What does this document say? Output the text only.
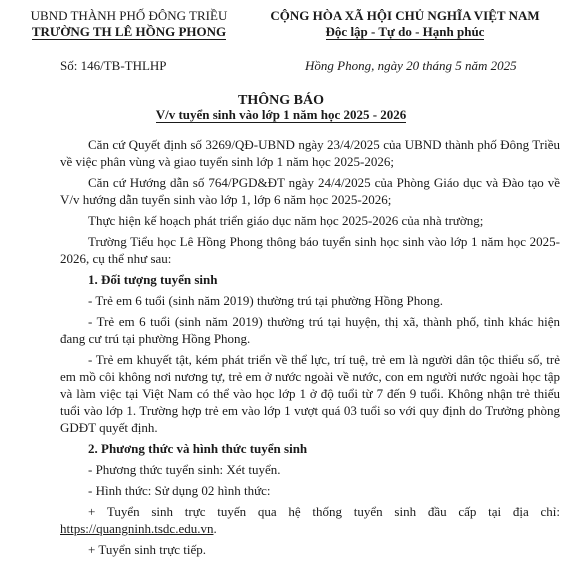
UBND THÀNH PHỐ ĐÔNG TRIỀU
TRƯỜNG TH LÊ HỒNG PHONG
CỘNG HÒA XÃ HỘI CHỦ NGHĨA VIỆT NAM
Độc lập - Tự do - Hạnh phúc
Số: 146/TB-THLHP	Hồng Phong, ngày 20 tháng 5 năm 2025
THÔNG BÁO
V/v tuyển sinh vào lớp 1 năm học 2025 - 2026

Căn cứ Quyết định số 3269/QĐ-UBND ngày 23/4/2025 của UBND thành phố Đông Triều về việc phân vùng và giao tuyển sinh lớp 1 năm học 2025-2026;

Căn cứ Hướng dẫn số 764/PGD&ĐT ngày 24/4/2025 của Phòng Giáo dục và Đào tạo về V/v hướng dẫn tuyển sinh vào lớp 1, lớp 6 năm học 2025-2026;

Thực hiện kế hoạch phát triển giáo dục năm học 2025-2026 của nhà trường;

Trường Tiểu học Lê Hồng Phong thông báo tuyển sinh học sinh vào lớp 1 năm học 2025-2026, cụ thể như sau:

1. Đối tượng tuyển sinh

- Trẻ em 6 tuổi (sinh năm 2019) thường trú tại phường Hồng Phong.

- Trẻ em 6 tuổi (sinh năm 2019) thường trú tại huyện, thị xã, thành phố, tỉnh khác hiện đang cư trú tại phường Hồng Phong.

- Trẻ em khuyết tật, kém phát triển về thể lực, trí tuệ, trẻ em là người dân tộc thiểu số, trẻ em mồ côi không nơi nương tự, trẻ em ở nước ngoài về nước, con em người nước ngoài học tập và làm việc tại Việt Nam có thể vào học lớp 1 ở độ tuổi từ 7 đến 9 tuổi. Không nhận trẻ thiếu tuổi vào lớp 1. Trường hợp trẻ em vào lớp 1 vượt quá 03 tuổi so với quy định do Trưởng phòng GDĐT quyết định.

2. Phương thức và hình thức tuyển sinh

- Phương thức tuyển sinh: Xét tuyển.

- Hình thức: Sử dụng 02 hình thức:

+ Tuyển sinh trực tuyến qua hệ thống tuyển sinh đầu cấp tại địa chỉ: https://quangninh.tsdc.edu.vn.

+ Tuyển sinh trực tiếp.
